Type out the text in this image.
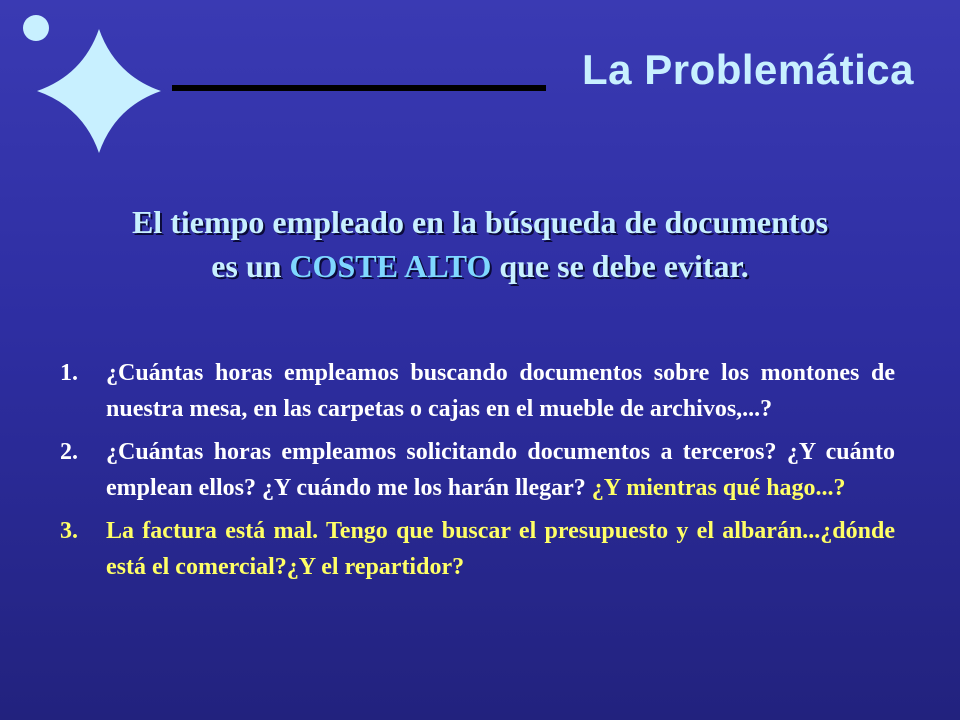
La Problemática

El tiempo empleado en la búsqueda de documentos
es un COSTE ALTO que se debe evitar.

1. ¿Cuántas horas empleamos buscando documentos sobre los montones de nuestra mesa, en las carpetas o cajas en el mueble de archivos,...?
2. ¿Cuántas horas empleamos solicitando documentos a terceros? ¿Y cuánto emplean ellos? ¿Y cuándo me los harán llegar? ¿Y mientras qué hago...?
3. La factura está mal. Tengo que buscar el presupuesto y el albarán...¿dónde está el comercial?¿Y el repartidor?
